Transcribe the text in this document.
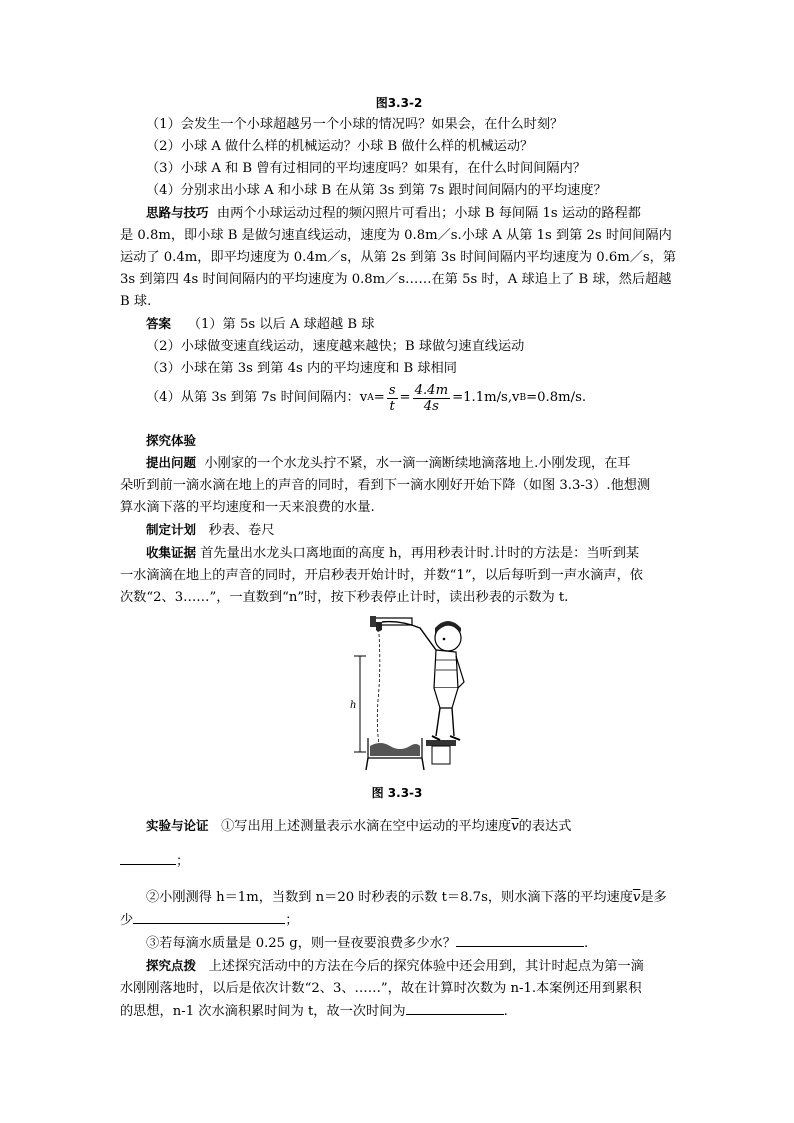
图3.3-2
（1）会发生一个小球超越另一个小球的情况吗？如果会，在什么时刻？
（2）小球 A 做什么样的机械运动？小球 B 做什么样的机械运动？
（3）小球 A 和 B 曾有过相同的平均速度吗？如果有，在什么时间间隔内？
（4）分别求出小球 A 和小球 B 在从第 3s 到第 7s 跟时间间隔内的平均速度？
思路与技巧 由两个小球运动过程的频闪照片可看出；小球 B 每间隔 1s 运动的路程都
是 0.8m，即小球 B 是做匀速直线运动，速度为 0.8m／s.小球 A 从第 1s 到第 2s 时间间隔内
运动了 0.4m，即平均速度为 0.4m／s，从第 2s 到第 3s 时间间隔内平均速度为 0.6m／s，第
3s 到第四 4s 时间间隔内的平均速度为 0.8m／s……在第 5s 时，A 球追上了 B 球，然后超越
B 球.
答案 （1）第 5s 以后 A 球超越 B 球
（2）小球做变速直线运动，速度越来越快；B 球做匀速直线运动
（3）小球在第 3s 到第 4s 内的平均速度和 B 球相同
（4）从第 3s 到第 7s 时间间隔内：v $A = \frac{s}{t} = \frac{4.4m}{4s} =1.1m/s,v$ B =0.8m/s.
探究体验
提出问题 小刚家的一个水龙头拧不紧，水一滴一滴断续地滴落地上.小刚发现，在耳
朵听到前一滴水滴在地上的声音的同时，看到下一滴水刚好开始下降（如图 3.3-3）.他想测
算水滴下落的平均速度和一天来浪费的水量.
制定计划 秒表、卷尺
收集证据 首先量出水龙头口离地面的高度 h，再用秒表计时.计时的方法是：当听到某
一水滴滴在地上的声音的同时，开启秒表开始计时，并数“1”，以后每听到一声水滴声，依
次数“2、3……”，一直数到“n”时，按下秒表停止计时，读出秒表的示数为 t.
h
图 3.3-3
实验与论证 ①写出用上述测量表示水滴在空中运动的平均速度$\overline{v}$的表达式
；
②小刚测得 h＝1m，当数到 n＝20 时秒表的示数 t＝8.7s，则水滴下落的平均速度$\overline{v}$是多
少	；
③若每滴水质量是 0.25 g，则一昼夜要浪费多少水？	.
探究点拨 上述探究活动中的方法在今后的探究体验中还会用到，其计时起点为第一滴
水刚刚落地时，以后是依次计数“2、3、……”，故在计算时次数为 n-1.本案例还用到累积
的思想，n-1 次水滴积累时间为 t，故一次时间为	.
